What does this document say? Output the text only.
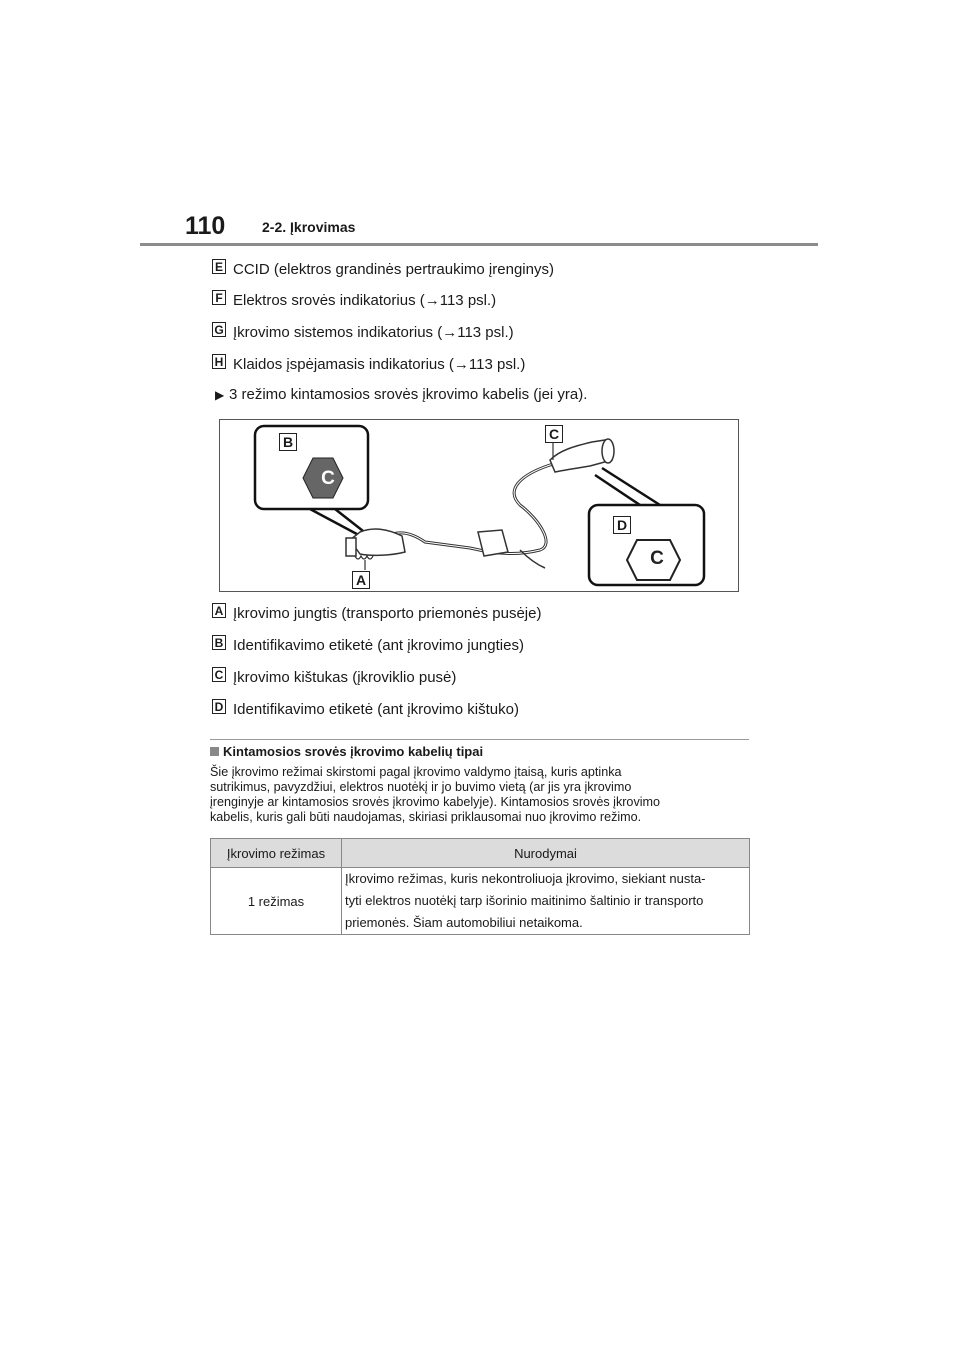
110	2-2. Įkrovimas
E CCID (elektros grandinės pertraukimo įrenginys)
F Elektros srovės indikatorius (→113 psl.)
G Įkrovimo sistemos indikatorius (→113 psl.)
H Klaidos įspėjamasis indikatorius (→113 psl.)
▶ 3 režimo kintamosios srovės įkrovimo kabelis (jei yra).
B	C
D
A
C
C
A Įkrovimo jungtis (transporto priemonės pusėje)
B Identifikavimo etiketė (ant įkrovimo jungties)
C Įkrovimo kištukas (įkroviklio pusė)
D Identifikavimo etiketė (ant įkrovimo kištuko)
Kintamosios srovės įkrovimo kabelių tipai
Šie įkrovimo režimai skirstomi pagal įkrovimo valdymo įtaisą, kuris aptinka
sutrikimus, pavyzdžiui, elektros nuotėkį ir jo buvimo vietą (ar jis yra įkrovimo
įrenginyje ar kintamosios srovės įkrovimo kabelyje). Kintamosios srovės įkrovimo
kabelis, kuris gali būti naudojamas, skiriasi priklausomai nuo įkrovimo režimo.
Įkrovimo režimas	Nurodymai
1 režimas	Įkrovimo režimas, kuris nekontroliuoja įkrovimo, siekiant nusta-
tyti elektros nuotėkį tarp išorinio maitinimo šaltinio ir transporto
priemonės. Šiam automobiliui netaikoma.
